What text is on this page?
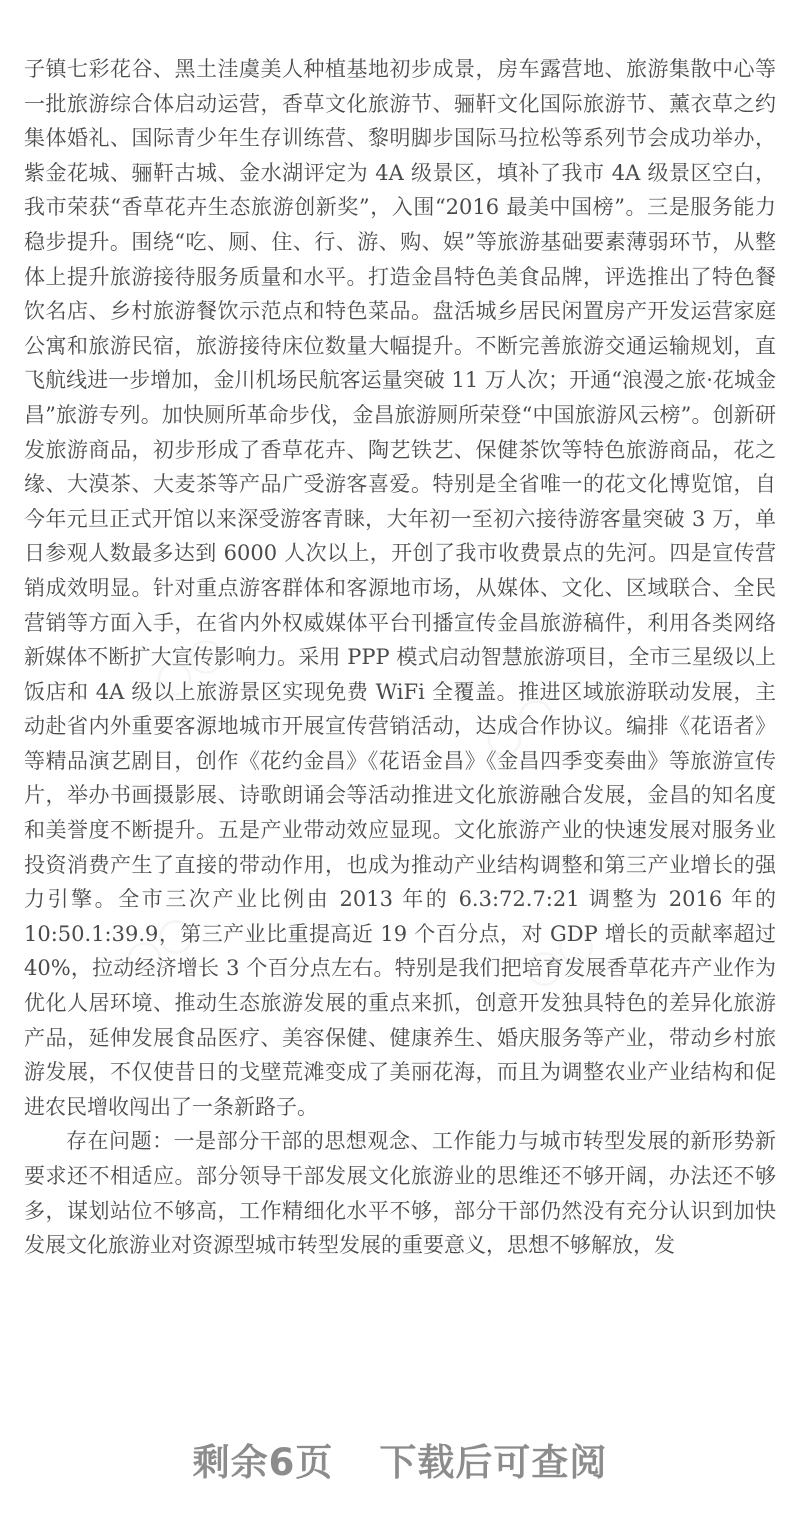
○○
○○
○○	○○

子镇七彩花谷、黑土洼虞美人种植基地初步成景，房车露营地、旅游集散中心等一批旅游综合体启动运营，香草文化旅游节、骊靬文化国际旅游节、薰衣草之约集体婚礼、国际青少年生存训练营、黎明脚步国际马拉松等系列节会成功举办，紫金花城、骊靬古城、金水湖评定为 4A 级景区，填补了我市 4A 级景区空白，我市荣获“香草花卉生态旅游创新奖”，入围“2016 最美中国榜”。三是服务能力稳步提升。围绕“吃、厕、住、行、游、购、娱”等旅游基础要素薄弱环节，从整体上提升旅游接待服务质量和水平。打造金昌特色美食品牌，评选推出了特色餐饮名店、乡村旅游餐饮示范点和特色菜品。盘活城乡居民闲置房产开发运营家庭公寓和旅游民宿，旅游接待床位数量大幅提升。不断完善旅游交通运输规划，直飞航线进一步增加，金川机场民航客运量突破 11 万人次；开通“浪漫之旅·花城金昌”旅游专列。加快厕所革命步伐，金昌旅游厕所荣登“中国旅游风云榜”。创新研发旅游商品，初步形成了香草花卉、陶艺铁艺、保健茶饮等特色旅游商品，花之缘、大漠茶、大麦茶等产品广受游客喜爱。特别是全省唯一的花文化博览馆，自今年元旦正式开馆以来深受游客青睐，大年初一至初六接待游客量突破 3 万，单日参观人数最多达到 6000 人次以上，开创了我市收费景点的先河。四是宣传营销成效明显。针对重点游客群体和客源地市场，从媒体、文化、区域联合、全民营销等方面入手，在省内外权威媒体平台刊播宣传金昌旅游稿件，利用各类网络新媒体不断扩大宣传影响力。采用 PPP 模式启动智慧旅游项目，全市三星级以上饭店和 4A 级以上旅游景区实现免费 WiFi 全覆盖。推进区域旅游联动发展，主动赴省内外重要客源地城市开展宣传营销活动，达成合作协议。编排《花语者》等精品演艺剧目，创作《花约金昌》《花语金昌》《金昌四季变奏曲》等旅游宣传片，举办书画摄影展、诗歌朗诵会等活动推进文化旅游融合发展，金昌的知名度和美誉度不断提升。五是产业带动效应显现。文化旅游产业的快速发展对服务业投资消费产生了直接的带动作用，也成为推动产业结构调整和第三产业增长的强力引擎。全市三次产业比例由 2013 年的 6.3:72.7:21 调整为 2016 年的 10:50.1:39.9，第三产业比重提高近 19 个百分点，对 GDP 增长的贡献率超过 40%，拉动经济增长 3 个百分点左右。特别是我们把培育发展香草花卉产业作为优化人居环境、推动生态旅游发展的重点来抓，创意开发独具特色的差异化旅游产品，延伸发展食品医疗、美容保健、健康养生、婚庆服务等产业，带动乡村旅游发展，不仅使昔日的戈壁荒滩变成了美丽花海，而且为调整农业产业结构和促进农民增收闯出了一条新路子。

存在问题：一是部分干部的思想观念、工作能力与城市转型发展的新形势新要求还不相适应。部分领导干部发展文化旅游业的思维还不够开阔，办法还不够多，谋划站位不够高，工作精细化水平不够，部分干部仍然没有充分认识到加快发展文化旅游业对资源型城市转型发展的重要意义，思想不够解放，发

剩余6页 下载后可查阅
